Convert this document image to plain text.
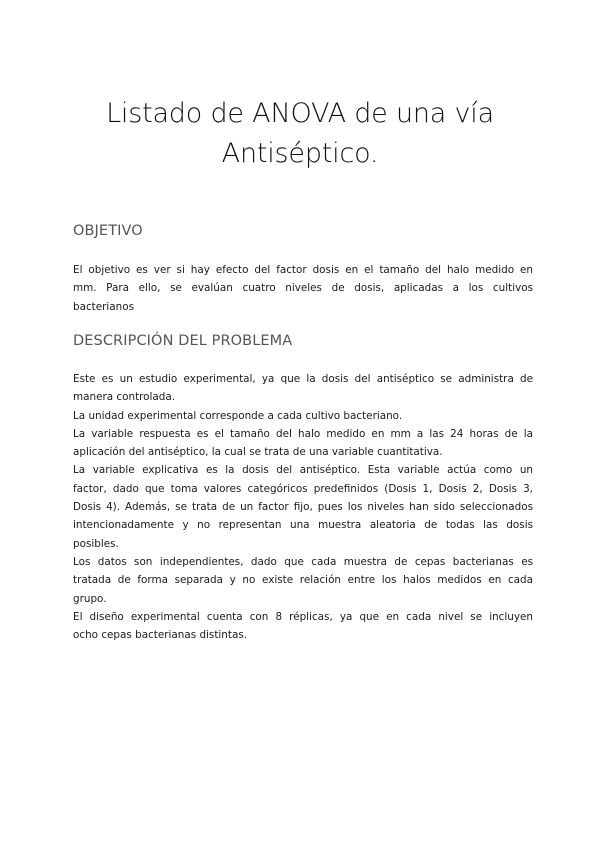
Listado de ANOVA de una vía
Antiséptico.
OBJETIVO
El objetivo es ver si hay efecto del factor dosis en el tamaño del halo medido en
mm. Para ello, se evalúan cuatro niveles de dosis, aplicadas a los cultivos
bacterianos
DESCRIPCIÓN DEL PROBLEMA
Este es un estudio experimental, ya que la dosis del antiséptico se administra de
manera controlada.
La unidad experimental corresponde a cada cultivo bacteriano.
La variable respuesta es el tamaño del halo medido en mm a las 24 horas de la
aplicación del antiséptico, la cual se trata de una variable cuantitativa.
La variable explicativa es la dosis del antiséptico. Esta variable actúa como un
factor, dado que toma valores categóricos predefinidos (Dosis 1, Dosis 2, Dosis 3,
Dosis 4). Además, se trata de un factor fijo, pues los niveles han sido seleccionados
intencionadamente y no representan una muestra aleatoria de todas las dosis
posibles.
Los datos son independientes, dado que cada muestra de cepas bacterianas es
tratada de forma separada y no existe relación entre los halos medidos en cada
grupo.
El diseño experimental cuenta con 8 réplicas, ya que en cada nivel se incluyen
ocho cepas bacterianas distintas.
